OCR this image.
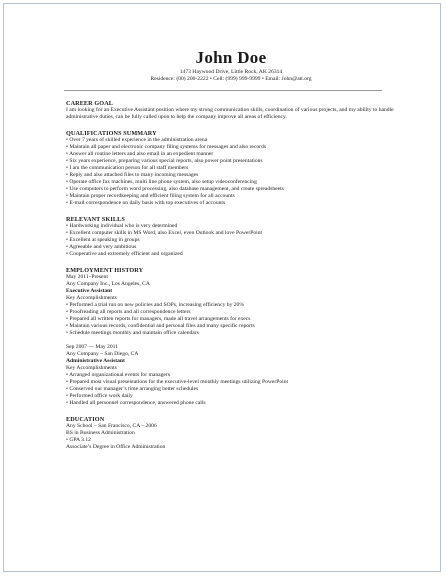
John Doe
1473 Haywood Drive, Little Rock, AK 26314
Residence: (00) 200-2222 • Cell: (999) 999-9999 • Email: John@att.org
CAREER GOAL
I am looking for an Executive Assistant position where my strong communication skills, coordination of various projects, and my ability to handle administrative duties, can be fully called upon to help the company improve all areas of efficiency.
QUALIFICATIONS SUMMARY
• Over 7 years of skilled experience in the administration arena
• Maintain all paper and electronic company filing systems for messages and also records
• Answer all routine letters and also email in an expedient manner
• Six years experience, preparing various special reports, also power point presentations
• I am the communication person for all staff members
• Reply and also attached files to many incoming messages
• Operate office fax machines, multi line phone system, also setup videoconferencing
• Use computers to perform word processing, also database management, and create spreadsheets
• Maintain proper recordkeeping and efficient filing system for all accounts
• E-mail correspondence on daily basis with top executives of accounts
RELEVANT SKILLS
• Hardworking individual who is very determined
• Excellent computer skills in MS Word, also Excel, even Outlook and love PowerPoint
• Excellent at speaking in groups
• Agreeable and very ambitious
• Cooperative and extremely efficient and organized
EMPLOYMENT HISTORY
May 2011–Present
Any Company Inc., Los Angeles, CA
Executive Assistant
Key Accomplishments
• Performed a trial run on new policies and SOPs, increasing efficiency by 20%
• Proofreading all reports and all correspondence letters
• Prepared all written reports for managers, made all travel arrangements for execs
• Maintain various records, confidential and personal files and many specific reports
• Schedule meetings monthly and maintain office calendars
Sep 2007 — May 2011
Any Company – San Diego, CA
Administrative Assistant
Key Accomplishments
• Arranged organizational events for managers
• Prepared most visual presentations for the executive-level monthly meetings utilizing PowerPoint
• Conserved our manager’s time arranging better schedules
• Performed office work daily
• Handled all personnel correspondence, answered phone calls
EDUCATION
Any School – San Francisco, CA – 2006
BS in Business Administration
• GPA 3.12
Associate’s Degree in Office Administration
